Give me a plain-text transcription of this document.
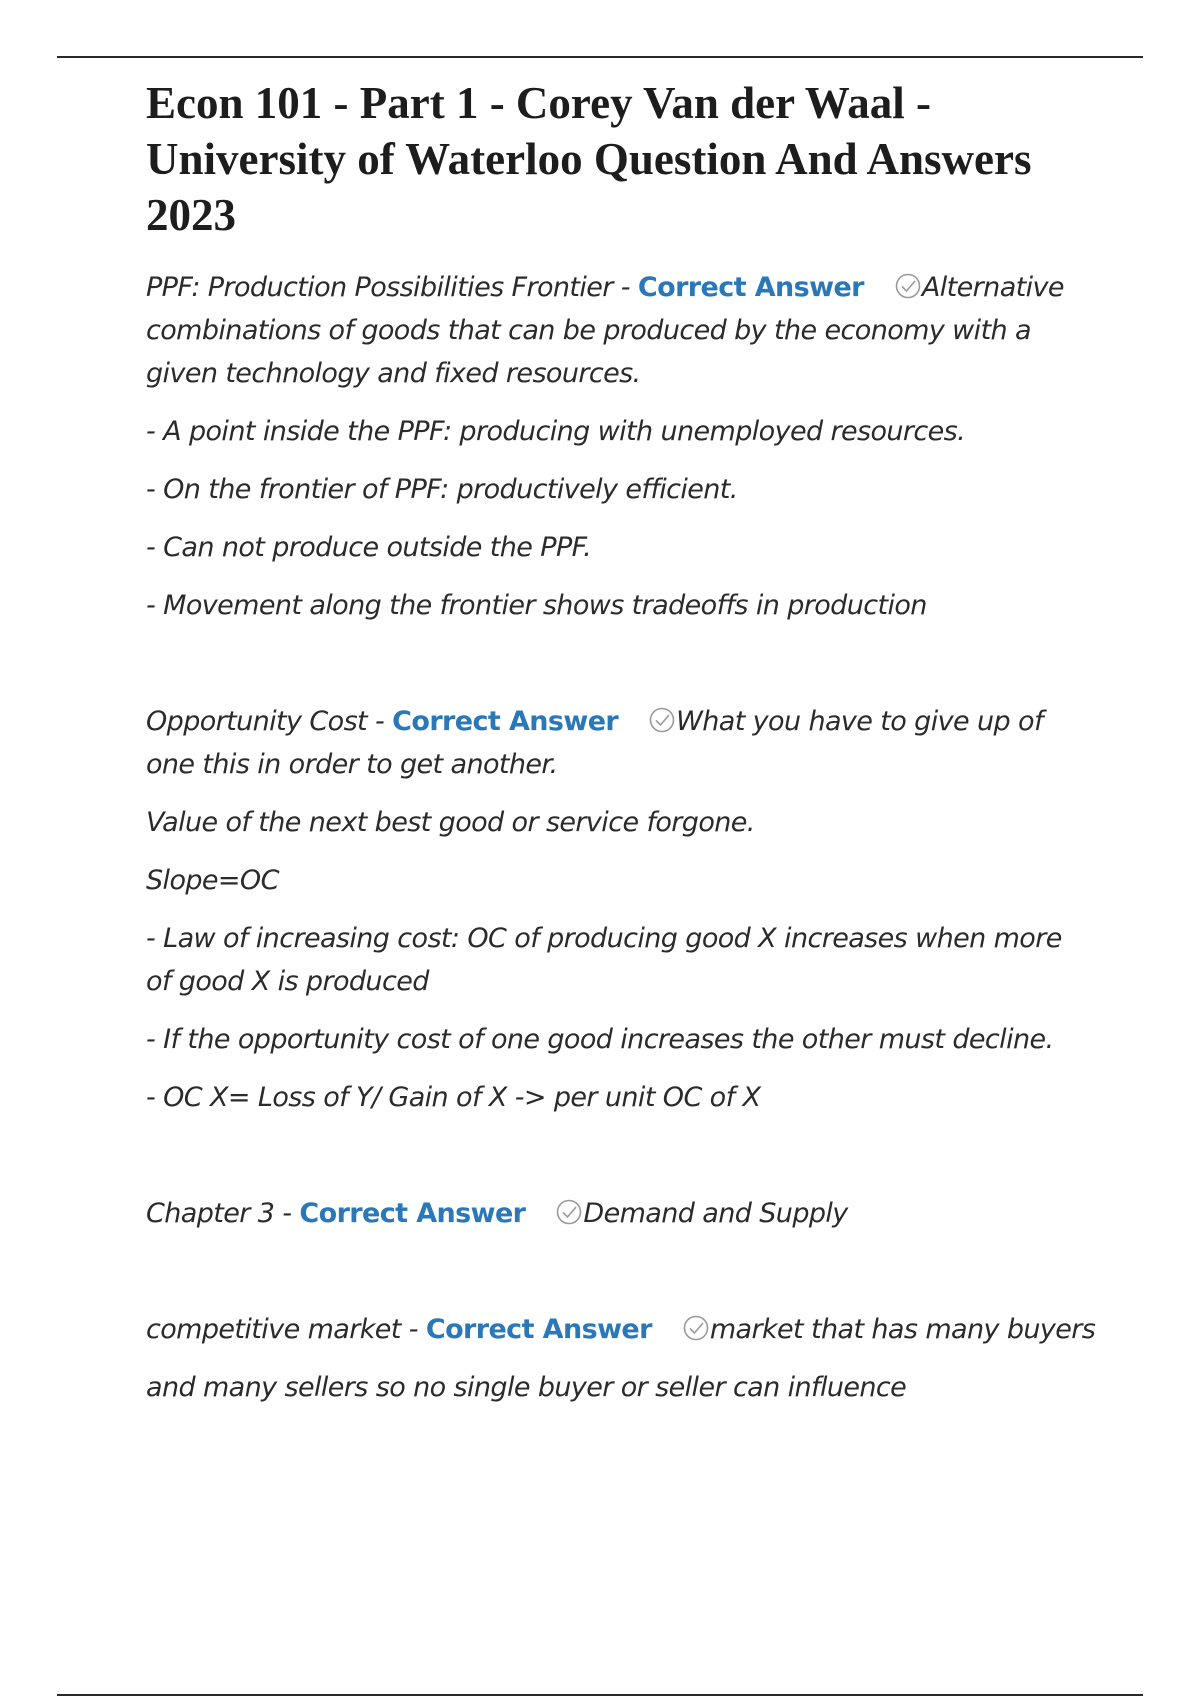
Econ 101 - Part 1 - Corey Van der Waal - University of Waterloo Question And Answers 2023

PPF: Production Possibilities Frontier - Correct Answer Alternative combinations of goods that can be produced by the economy with a given technology and fixed resources.

- A point inside the PPF: producing with unemployed resources.

- On the frontier of PPF: productively efficient.

- Can not produce outside the PPF.

- Movement along the frontier shows tradeoffs in production

Opportunity Cost - Correct Answer What you have to give up of one this in order to get another.

Value of the next best good or service forgone.

Slope=OC

- Law of increasing cost: OC of producing good X increases when more of good X is produced

- If the opportunity cost of one good increases the other must decline.

- OC X= Loss of Y/ Gain of X -> per unit OC of X

Chapter 3 - Correct Answer Demand and Supply

competitive market - Correct Answer market that has many buyers

and many sellers so no single buyer or seller can influence
